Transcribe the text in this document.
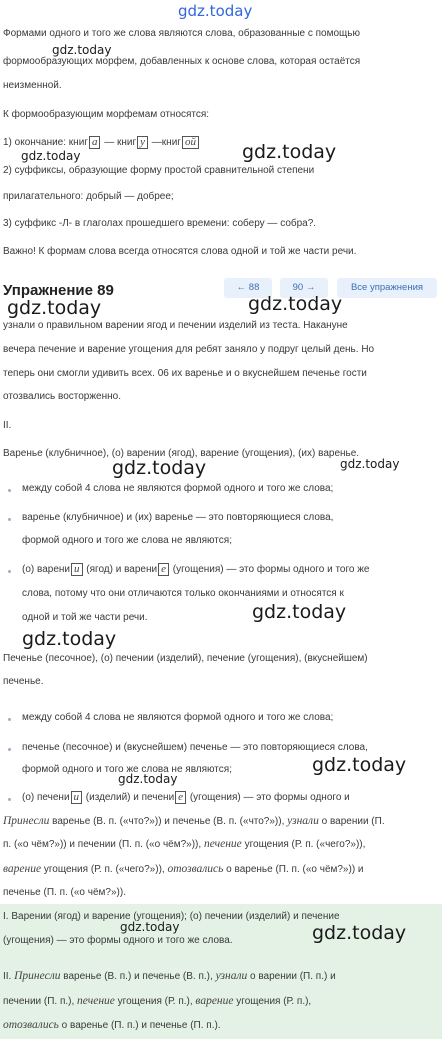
gdz.today
Формами одного и того же слова являются слова, образованные с помощью
формообразующих морфем, добавленных к основе слова, которая остаётся
неизменной.
К формообразующим морфемам относятся:
1) окончание: книг а — книг у —книг ой
2) суффиксы, образующие форму простой сравнительной степени
прилагательного: добрый — добрее;
3) суффикс -Л- в глаголах прошедшего времени: соберу — собра?.
Важно! К формам слова всегда относятся слова одной и той же части речи.
Упражнение 89	← 88	90 →	Все упражнения
узнали о правильном варении ягод и печении изделий из теста. Накануне
вечера печение и варение угощения для ребят заняло у подруг целый день. Но
теперь они смогли удивить всех. 06 их варенье и о вкуснейшем печенье гости
отозвались восторженно.
II.
Варенье (клубничное), (о) варении (ягод), варение (угощения), (их) варенье.
между собой 4 слова не являются формой одного и того же слова;
варенье (клубничное) и (их) варенье — это повторяющиеся слова,
формой одного и того же слова не являются;
(о) варени и (ягод) и варени е (угощения) — это формы одного и того же
слова, потому что они отличаются только окончаниями и относятся к
одной и той же части речи.
Печенье (песочное), (о) печении (изделий), печение (угощения), (вкуснейшем)
печенье.
между собой 4 слова не являются формой одного и того же слова;
печенье (песочное) и (вкуснейшем) печенье — это повторяющиеся слова,
формой одного и того же слова не являются;
(о) печени и (изделий) и печени е (угощения) — это формы одного и
Принесли варенье (В. п. («что?»)) и печенье (В. п. («что?»)), узнали о варении (П.
п. («о чём?»)) и печении (П. п. («о чём?»)), печение угощения (Р. п. («чего?»)),
варение угощения (Р. п. («чего?»)), отозвались о варенье (П. п. («о чём?»)) и
печенье (П. п. («о чём?»)).
I. Варении (ягод) и варение (угощения); (о) печении (изделий) и печение
(угощения) — это формы одного и того же слова.
II. Принесли варенье (В. п.) и печенье (В. п.), узнали о варении (П. п.) и
печении (П. п.), печение угощения (Р. п.), варение угощения (Р. п.),
отозвались о варенье (П. п.) и печенье (П. п.).
gdz.today
gdz.today
gdz.today
gdz.today
gdz.today
gdz.today	gdz.today
gdz.today
gdz.today
gdz.today
gdz.today
gdz.today	gdz.today
